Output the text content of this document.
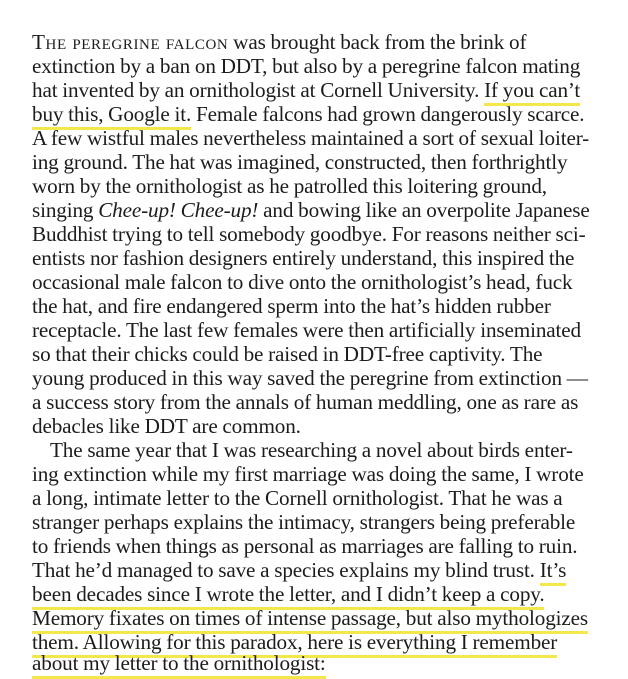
The peregrine falcon was brought back from the brink of
extinction by a ban on DDT, but also by a peregrine falcon mating
hat invented by an ornithologist at Cornell University. If you can’t
buy this, Google it. Female falcons had grown dangerously scarce.
A few wistful males nevertheless maintained a sort of sexual loiter-
ing ground. The hat was imagined, constructed, then forthrightly
worn by the ornithologist as he patrolled this loitering ground,
singing Chee-up! Chee-up! and bowing like an overpolite Japanese
Buddhist trying to tell somebody goodbye. For reasons neither sci-
entists nor fashion designers entirely understand, this inspired the
occasional male falcon to dive onto the ornithologist’s head, fuck
the hat, and fire endangered sperm into the hat’s hidden rubber
receptacle. The last few females were then artificially inseminated
so that their chicks could be raised in DDT-free captivity. The
young produced in this way saved the peregrine from extinction —
a success story from the annals of human meddling, one as rare as
debacles like DDT are common.
The same year that I was researching a novel about birds enter-
ing extinction while my first marriage was doing the same, I wrote
a long, intimate letter to the Cornell ornithologist. That he was a
stranger perhaps explains the intimacy, strangers being preferable
to friends when things as personal as marriages are falling to ruin.
That he’d managed to save a species explains my blind trust. It’s
been decades since I wrote the letter, and I didn’t keep a copy.
Memory fixates on times of intense passage, but also mythologizes
them. Allowing for this paradox, here is everything I remember
about my letter to the ornithologist:
